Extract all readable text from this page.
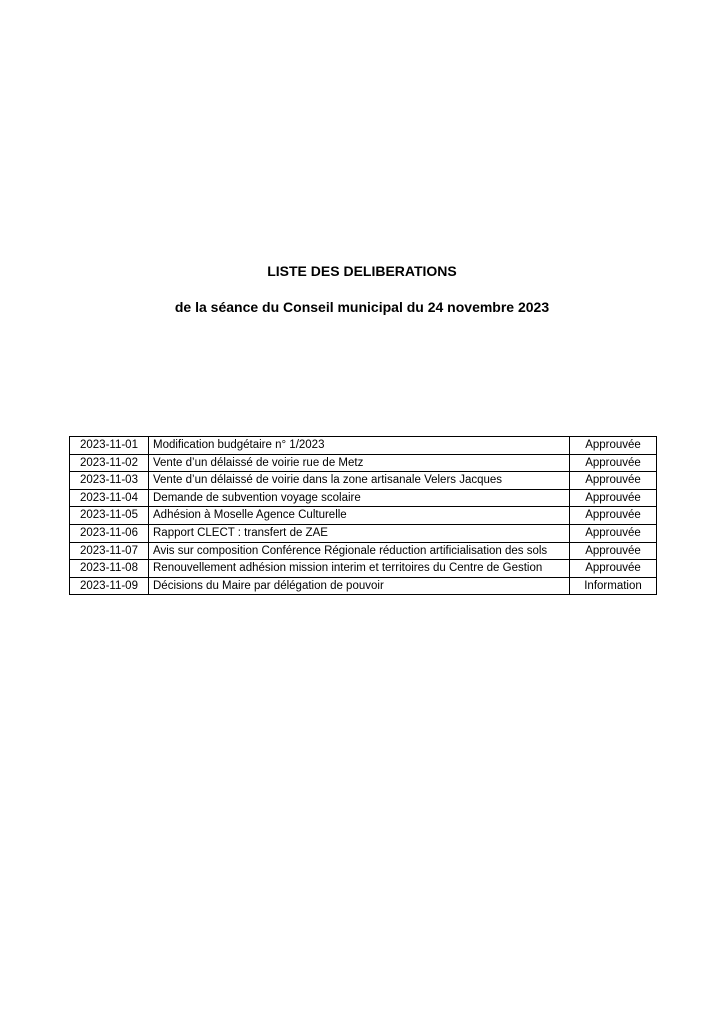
LISTE DES DELIBERATIONS
de la séance du Conseil municipal du 24 novembre 2023
2023-11-01	Modification budgétaire n° 1/2023	Approuvée
2023-11-02	Vente d’un délaissé de voirie rue de Metz	Approuvée
2023-11-03	Vente d’un délaissé de voirie dans la zone artisanale Velers Jacques	Approuvée
2023-11-04	Demande de subvention voyage scolaire	Approuvée
2023-11-05	Adhésion à Moselle Agence Culturelle	Approuvée
2023-11-06	Rapport CLECT : transfert de ZAE	Approuvée
2023-11-07	Avis sur composition Conférence Régionale réduction artificialisation des sols	Approuvée
2023-11-08	Renouvellement adhésion mission interim et territoires du Centre de Gestion	Approuvée
2023-11-09	Décisions du Maire par délégation de pouvoir	Information
